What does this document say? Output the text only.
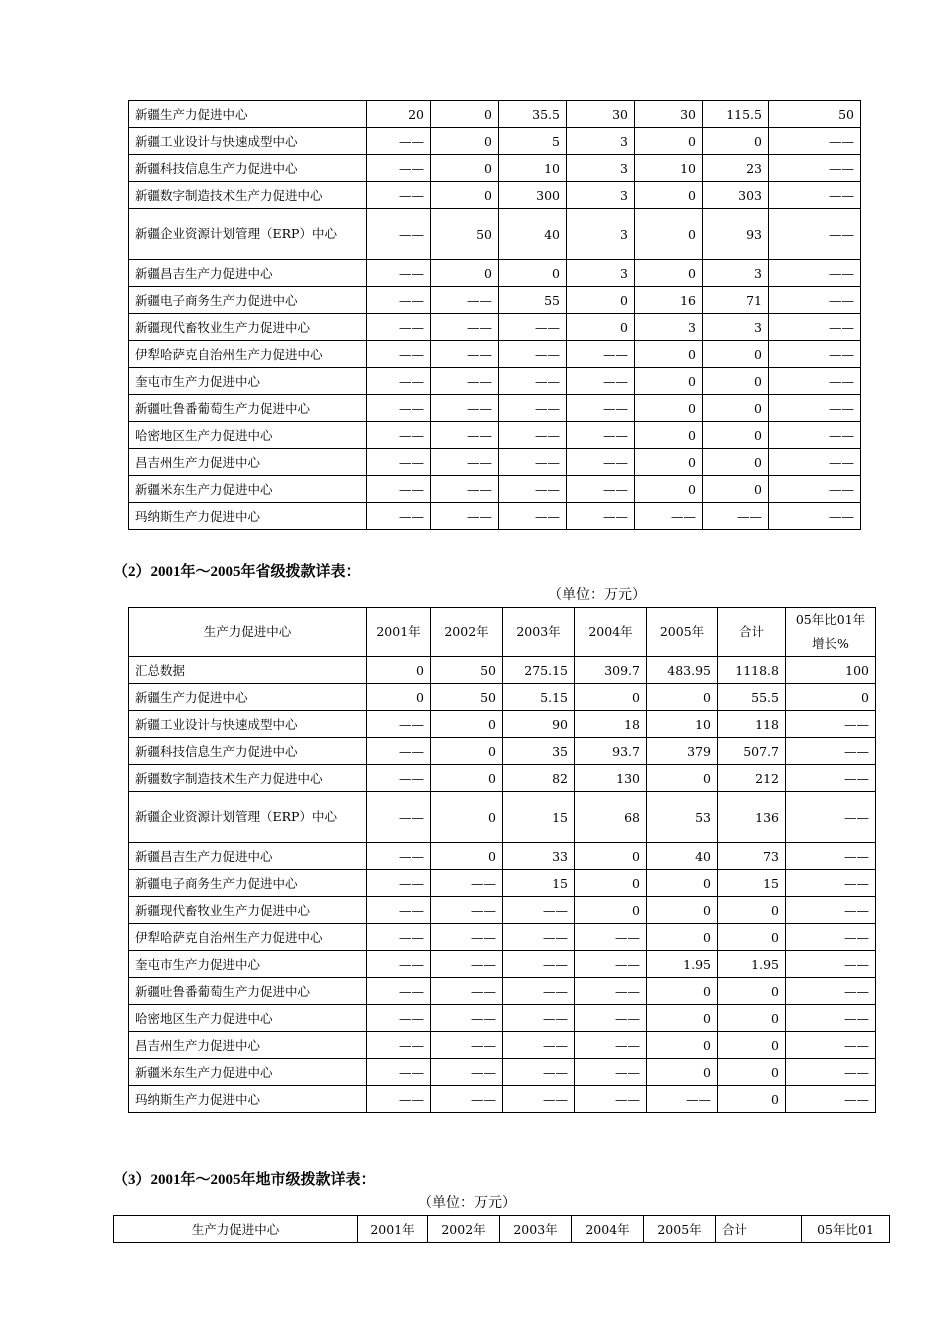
新疆生产力促进中心	20	0	35.5	30	30	115.5	50
新疆工业设计与快速成型中心	——	0	5	3	0	0	——
新疆科技信息生产力促进中心	——	0	10	3	10	23	——
新疆数字制造技术生产力促进中心	——	0	300	3	0	303	——
新疆企业资源计划管理（ERP）中心	——	50	40	3	0	93	——
新疆昌吉生产力促进中心	——	0	0	3	0	3	——
新疆电子商务生产力促进中心	——	——	55	0	16	71	——
新疆现代畜牧业生产力促进中心	——	——	——	0	3	3	——
伊犁哈萨克自治州生产力促进中心	——	——	——	——	0	0	——
奎屯市生产力促进中心	——	——	——	——	0	0	——
新疆吐鲁番葡萄生产力促进中心	——	——	——	——	0	0	——
哈密地区生产力促进中心	——	——	——	——	0	0	——
昌吉州生产力促进中心	——	——	——	——	0	0	——
新疆米东生产力促进中心	——	——	——	——	0	0	——
玛纳斯生产力促进中心	——	——	——	——	——	——	——
（2）2001年～2005年省级拨款详表：
（单位：万元）
生产力促进中心	2001年	2002年	2003年	2004年	2005年	合计	05年比01年增长%
汇总数据	0	50	275.15	309.7	483.95	1118.8	100
新疆生产力促进中心	0	50	5.15	0	0	55.5	0
新疆工业设计与快速成型中心	——	0	90	18	10	118	——
新疆科技信息生产力促进中心	——	0	35	93.7	379	507.7	——
新疆数字制造技术生产力促进中心	——	0	82	130	0	212	——
新疆企业资源计划管理（ERP）中心	——	0	15	68	53	136	——
新疆昌吉生产力促进中心	——	0	33	0	40	73	——
新疆电子商务生产力促进中心	——	——	15	0	0	15	——
新疆现代畜牧业生产力促进中心	——	——	——	0	0	0	——
伊犁哈萨克自治州生产力促进中心	——	——	——	——	0	0	——
奎屯市生产力促进中心	——	——	——	——	1.95	1.95	——
新疆吐鲁番葡萄生产力促进中心	——	——	——	——	0	0	——
哈密地区生产力促进中心	——	——	——	——	0	0	——
昌吉州生产力促进中心	——	——	——	——	0	0	——
新疆米东生产力促进中心	——	——	——	——	0	0	——
玛纳斯生产力促进中心	——	——	——	——	——	0	——
（3）2001年～2005年地市级拨款详表：
（单位：万元）
生产力促进中心	2001年	2002年	2003年	2004年	2005年	合计	05年比01
